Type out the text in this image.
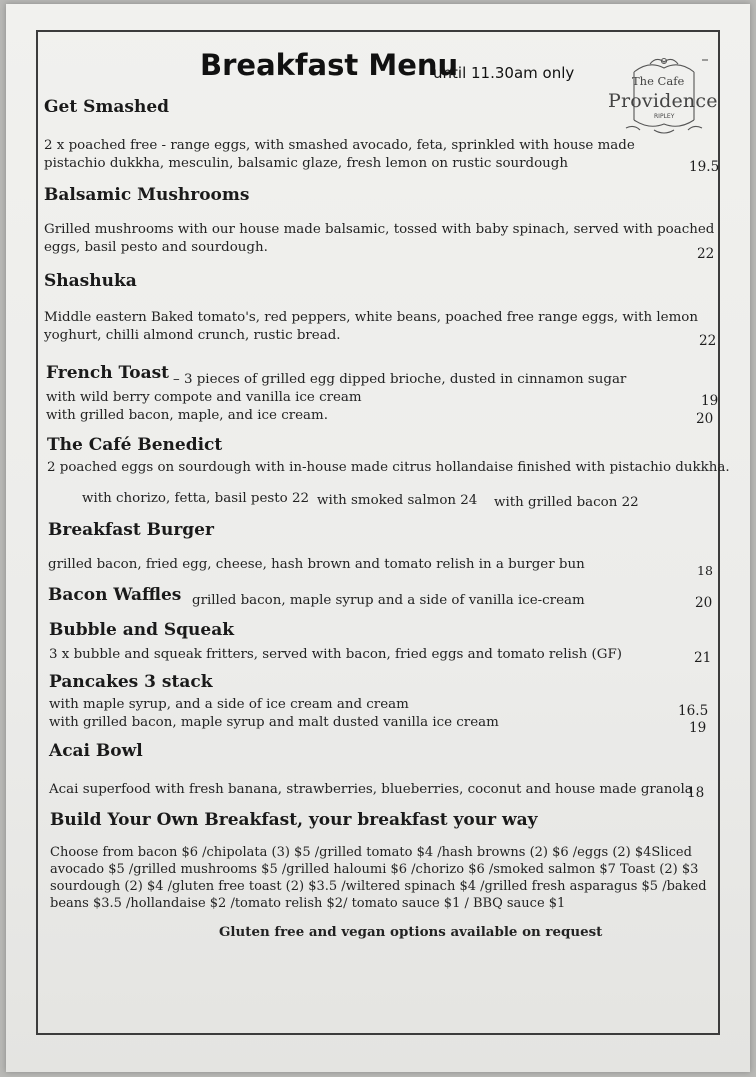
Breakfast Menu
until 11.30am only	The Cafe
Providence
RIPLEY
Get Smashed
2 x poached free - range eggs, with smashed avocado, feta, sprinkled with house made
pistachio dukkha, mesculin, balsamic glaze, fresh lemon on rustic sourdough	19.5
Balsamic Mushrooms
Grilled mushrooms with our house made balsamic, tossed with baby spinach, served with poached
eggs, basil pesto and sourdough.	22
Shashuka
Middle eastern Baked tomato's, red peppers, white beans, poached free range eggs, with lemon
yoghurt, chilli almond crunch, rustic bread.	22
French Toast – 3 pieces of grilled egg dipped brioche, dusted in cinnamon sugar
with wild berry compote and vanilla ice cream	19
with grilled bacon, maple, and ice cream.	20
The Café Benedict
2 poached eggs on sourdough with in-house made citrus hollandaise finished with pistachio dukkha.
with chorizo, fetta, basil pesto 22 with smoked salmon 24 with grilled bacon 22
Breakfast Burger
grilled bacon, fried egg, cheese, hash brown and tomato relish in a burger bun	18
Bacon Waffles grilled bacon, maple syrup and a side of vanilla ice-cream	20
Bubble and Squeak
3 x bubble and squeak fritters, served with bacon, fried eggs and tomato relish (GF)	21
Pancakes 3 stack
with maple syrup, and a side of ice cream and cream	16.5
with grilled bacon, maple syrup and malt dusted vanilla ice cream	19
Acai Bowl
Acai superfood with fresh banana, strawberries, blueberries, coconut and house made granola
18
Build Your Own Breakfast, your breakfast your way
Choose from bacon $6 /chipolata (3) $5 /grilled tomato $4 /hash browns (2) $6 /eggs (2) $4Sliced
avocado $5 /grilled mushrooms $5 /grilled haloumi $6 /chorizo $6 /smoked salmon $7 Toast (2) $3
sourdough (2) $4 /gluten free toast (2) $3.5 /wiltered spinach $4 /grilled fresh asparagus $5 /baked
beans $3.5 /hollandaise $2 /tomato relish $2/ tomato sauce $1 / BBQ sauce $1
Gluten free and vegan options available on request
